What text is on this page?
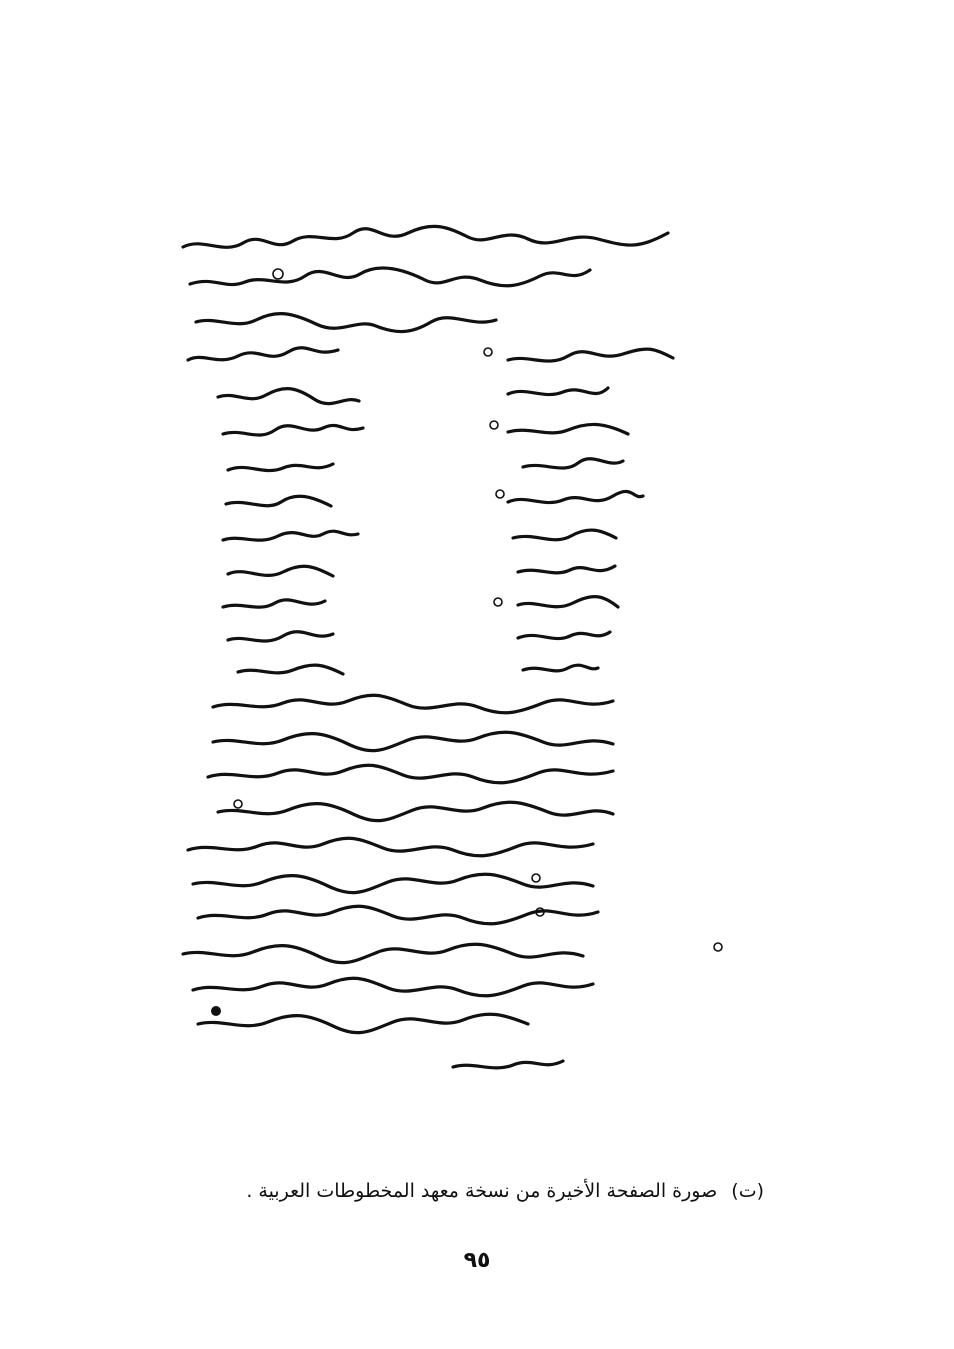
(ت) صورة الصفحة الأخيرة من نسخة معهد المخطوطات العربية .
٩٥
